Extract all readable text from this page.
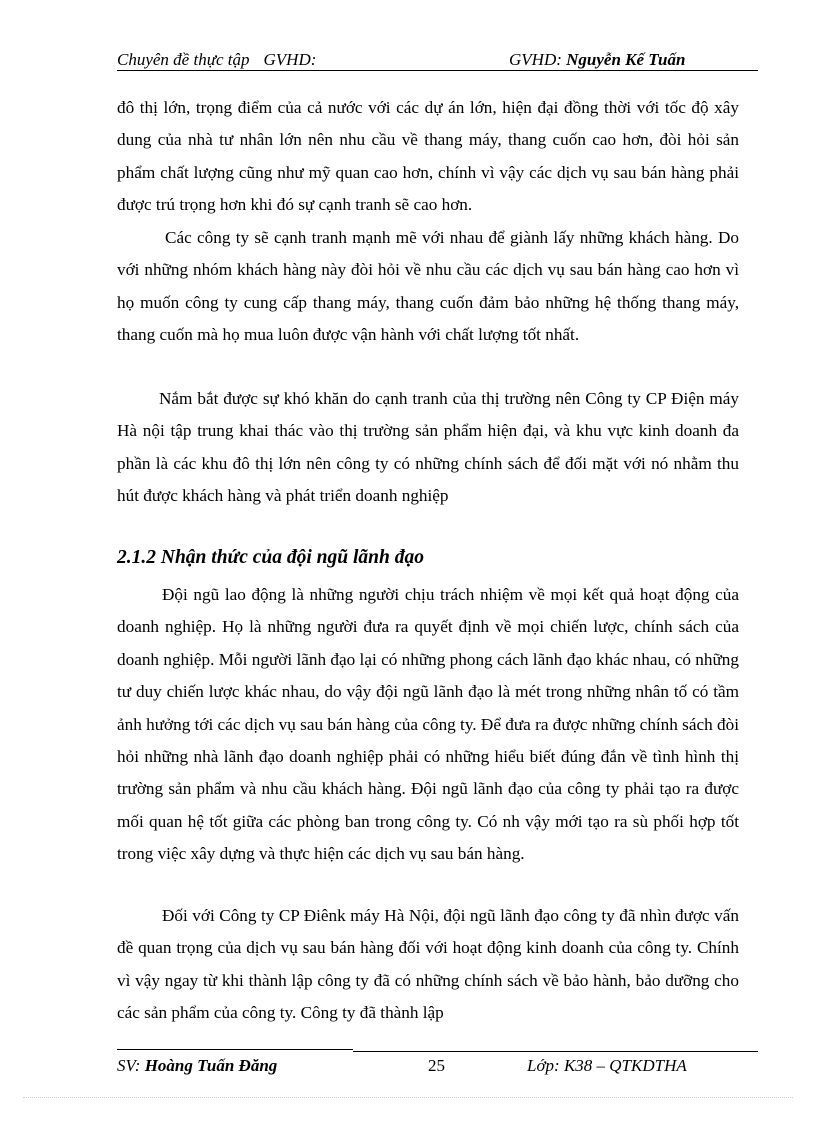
Chuyên đề thực tập GVHD:	GVHD: Nguyễn Kế Tuấn

đô thị lớn, trọng điểm của cả nước với các dự án lớn, hiện đại đồng thời với tốc độ xây dung của nhà tư nhân lớn nên nhu cầu về thang máy, thang cuốn cao hơn, đòi hỏi sản phẩm chất lượng cũng như mỹ quan cao hơn, chính vì vậy các dịch vụ sau bán hàng phải được trú trọng hơn khi đó sự cạnh tranh sẽ cao hơn.

Các công ty sẽ cạnh tranh mạnh mẽ với nhau để giành lấy những khách hàng. Do với những nhóm khách hàng này đòi hỏi về nhu cầu các dịch vụ sau bán hàng cao hơn vì họ muốn công ty cung cấp thang máy, thang cuốn đảm bảo những hệ thống thang máy, thang cuốn mà họ mua luôn được vận hành với chất lượng tốt nhất.

Nắm bắt được sự khó khăn do cạnh tranh của thị trường nên Công ty CP Điện máy Hà nội tập trung khai thác vào thị trường sản phẩm hiện đại, và khu vực kinh doanh đa phần là các khu đô thị lớn nên công ty có những chính sách để đối mặt với nó nhằm thu hút được khách hàng và phát triển doanh nghiệp

2.1.2 Nhận thức của đội ngũ lãnh đạo

Đội ngũ lao động là những người chịu trách nhiệm về mọi kết quả hoạt động của doanh nghiệp. Họ là những người đưa ra quyết định về mọi chiến lược, chính sách của doanh nghiệp. Mỗi người lãnh đạo lại có những phong cách lãnh đạo khác nhau, có những tư duy chiến lược khác nhau, do vậy đội ngũ lãnh đạo là mét trong những nhân tố có tầm ảnh hưởng tới các dịch vụ sau bán hàng của công ty. Để đưa ra được những chính sách đòi hỏi những nhà lãnh đạo doanh nghiệp phải có những hiểu biết đúng đắn về tình hình thị trường sản phẩm và nhu cầu khách hàng. Đội ngũ lãnh đạo của công ty phải tạo ra được mối quan hệ tốt giữa các phòng ban trong công ty. Có nh vậy mới tạo ra sù phối hợp tốt trong việc xây dựng và thực hiện các dịch vụ sau bán hàng.

Đối với Công ty CP Điênk máy Hà Nội, đội ngũ lãnh đạo công ty đã nhìn được vấn đề quan trọng của dịch vụ sau bán hàng đối với hoạt động kinh doanh của công ty. Chính vì vậy ngay từ khi thành lập công ty đã có những chính sách về bảo hành, bảo dưỡng cho các sản phẩm của công ty. Công ty đã thành lập

SV: Hoàng Tuấn Đăng	25	Lớp: K38 – QTKDTHA
